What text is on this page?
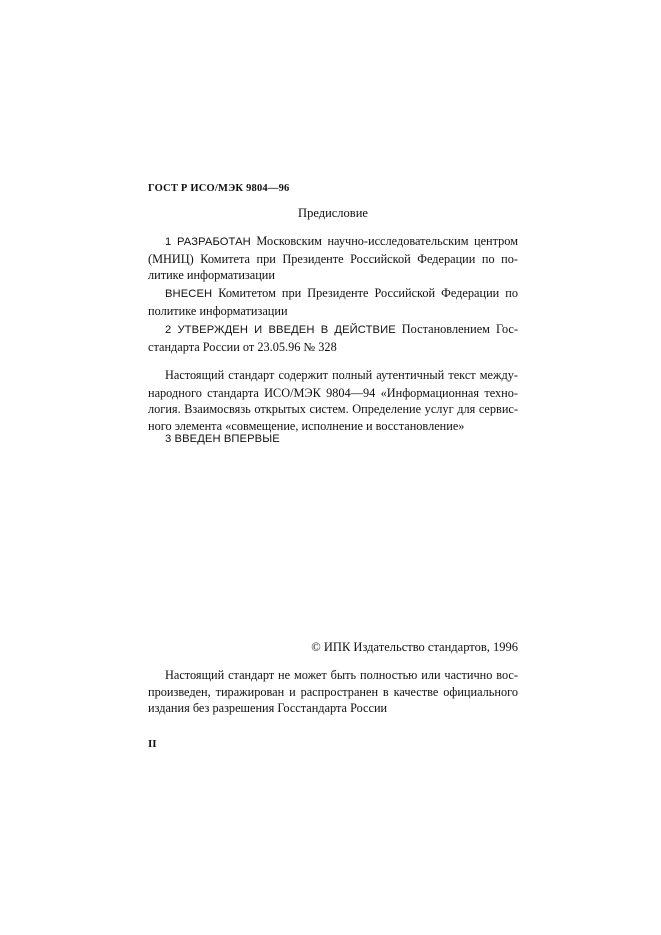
ГОСТ Р ИСО/МЭК 9804—96
Предисловие

1 РАЗРАБОТАН Московским научно-исследовательским центром (МНИЦ) Комитета при Президенте Российской Федерации по политике информатизации

ВНЕСЕН Комитетом при Президенте Российской Федерации по политике информатизации

2 УТВЕРЖДЕН И ВВЕДЕН В ДЕЙСТВИЕ Постановлением Госстандарта России от 23.05.96 № 328

Настоящий стандарт содержит полный аутентичный текст международного стандарта ИСО/МЭК 9804—94 «Информационная технология. Взаимосвязь открытых систем. Определение услуг для сервисного элемента «совмещение, исполнение и восстановление»

3 ВВЕДЕН ВПЕРВЫЕ

© ИПК Издательство стандартов, 1996

Настоящий стандарт не может быть полностью или частично воспроизведен, тиражирован и распространен в качестве официального издания без разрешения Госстандарта России

II
